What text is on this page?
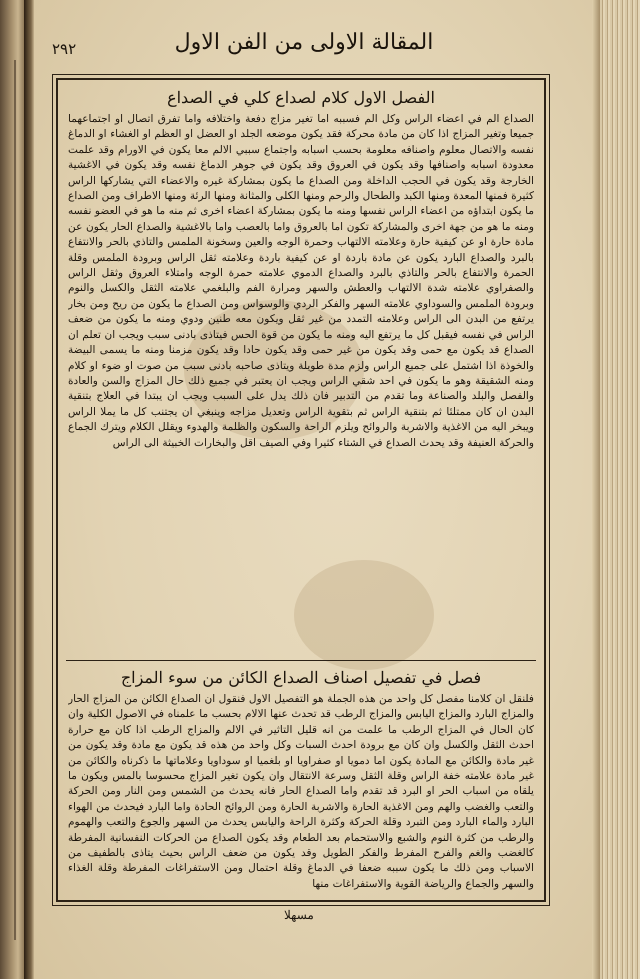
٢٩٢	المقالة الاولى من الفن الاول
الفصل الاول كلام لصداع كلي في الصداع
الصداع الم في اعضاء الراس وكل الم فسببه اما تغير مزاج دفعة واختلافه واما تفرق اتصال او اجتماعهما جميعا وتغير المزاج اذا كان من مادة محركة فقد يكون موضعه الجلد او العضل او العظم او الغشاء او الدماغ نفسه والاتصال معلوم واصنافه معلومة بحسب اسبابه واجتماع سببي الالم معا يكون في الاورام وقد علمت معدودة اسبابه واصنافها وقد يكون في العروق وقد يكون في جوهر الدماغ نفسه وقد يكون في الاغشية الخارجة وقد يكون في الحجب الداخلة ومن الصداع ما يكون بمشاركة غيره والاعضاء التي يشاركها الراس كثيرة فمنها المعدة ومنها الكبد والطحال والرحم ومنها الكلى والمثانة ومنها الرئة ومنها الاطراف ومن الصداع ما يكون ابتداؤه من اعضاء الراس نفسها ومنه ما يكون بمشاركة اعضاء اخرى ثم منه ما هو في العضو نفسه ومنه ما هو من جهة اخرى والمشاركة تكون اما بالعروق واما بالعصب واما بالاغشية والصداع الحار يكون عن مادة حارة او عن كيفية حارة وعلامته الالتهاب وحمرة الوجه والعين وسخونة الملمس والتاذي بالحر والانتفاع بالبرد والصداع البارد يكون عن مادة باردة او عن كيفية باردة وعلامته ثقل الراس وبرودة الملمس وقلة الحمرة والانتفاع بالحر والتاذي بالبرد والصداع الدموي علامته حمرة الوجه وامتلاء العروق وثقل الراس والصفراوي علامته شدة الالتهاب والعطش والسهر ومرارة الفم والبلغمي علامته الثقل والكسل والنوم وبرودة الملمس والسوداوي علامته السهر والفكر الردي والوسواس ومن الصداع ما يكون من ريح ومن بخار يرتفع من البدن الى الراس وعلامته التمدد من غير ثقل ويكون معه طنين ودوي ومنه ما يكون من ضعف الراس في نفسه فيقبل كل ما يرتفع اليه ومنه ما يكون من قوة الحس فيتاذى بادنى سبب ويجب ان تعلم ان الصداع قد يكون مع حمى وقد يكون من غير حمى وقد يكون حادا وقد يكون مزمنا ومنه ما يسمى البيضة والخوذة اذا اشتمل على جميع الراس ولزم مدة طويلة ويتاذى صاحبه بادنى سبب من صوت او ضوء او كلام ومنه الشقيقة وهو ما يكون في احد شقي الراس ويجب ان يعتبر في جميع ذلك حال المزاج والسن والعادة والفصل والبلد والصناعة وما تقدم من التدبير فان ذلك يدل على السبب ويجب ان يبتدا في العلاج بتنقية البدن ان كان ممتلئا ثم بتنقية الراس ثم بتقوية الراس وتعديل مزاجه وينبغي ان يجتنب كل ما يملا الراس ويبخر اليه من الاغذية والاشربة والروائح ويلزم الراحة والسكون والظلمة والهدوء ويقلل الكلام ويترك الجماع والحركة العنيفة وقد يحدث الصداع في الشتاء كثيرا وفي الصيف اقل والبخارات الخبيثة الى الراس
فصل في تفصيل اصناف الصداع الكائن من سوء المزاج
فلنقل ان كلامنا مفصل كل واحد من هذه الجملة هو التفصيل الاول فنقول ان الصداع الكائن من المزاج الحار والمزاج البارد والمزاج اليابس والمزاج الرطب قد تحدث عنها الالام بحسب ما علمناه في الاصول الكلية وان كان الحال في المزاج الرطب ما علمت من انه قليل التاثير في الالم والمزاج الرطب اذا كان مع حرارة احدث الثقل والكسل وان كان مع برودة احدث السبات وكل واحد من هذه قد يكون مع مادة وقد يكون من غير مادة والكائن مع المادة يكون اما دمويا او صفراويا او بلغميا او سوداويا وعلاماتها ما ذكرناه والكائن من غير مادة علامته خفة الراس وقلة الثقل وسرعة الانتقال وان يكون تغير المزاج محسوسا بالمس ويكون ما يلقاه من اسباب الحر او البرد قد تقدم واما الصداع الحار فانه يحدث من الشمس ومن النار ومن الحركة والتعب والغضب والهم ومن الاغذية الحارة والاشربة الحارة ومن الروائح الحادة واما البارد فيحدث من الهواء البارد والماء البارد ومن التبرد وقلة الحركة وكثرة الراحة واليابس يحدث من السهر والجوع والتعب والهموم والرطب من كثرة النوم والشبع والاستحمام بعد الطعام وقد يكون الصداع من الحركات النفسانية المفرطة كالغضب والغم والفرح المفرط والفكر الطويل وقد يكون من ضعف الراس بحيث يتاذى بالطفيف من الاسباب ومن ذلك ما يكون سببه ضعفا في الدماغ وقلة احتمال ومن الاستفراغات المفرطة وقلة الغذاء والسهر والجماع والرياضة القوية والاستفراغات منها
مسهلا
